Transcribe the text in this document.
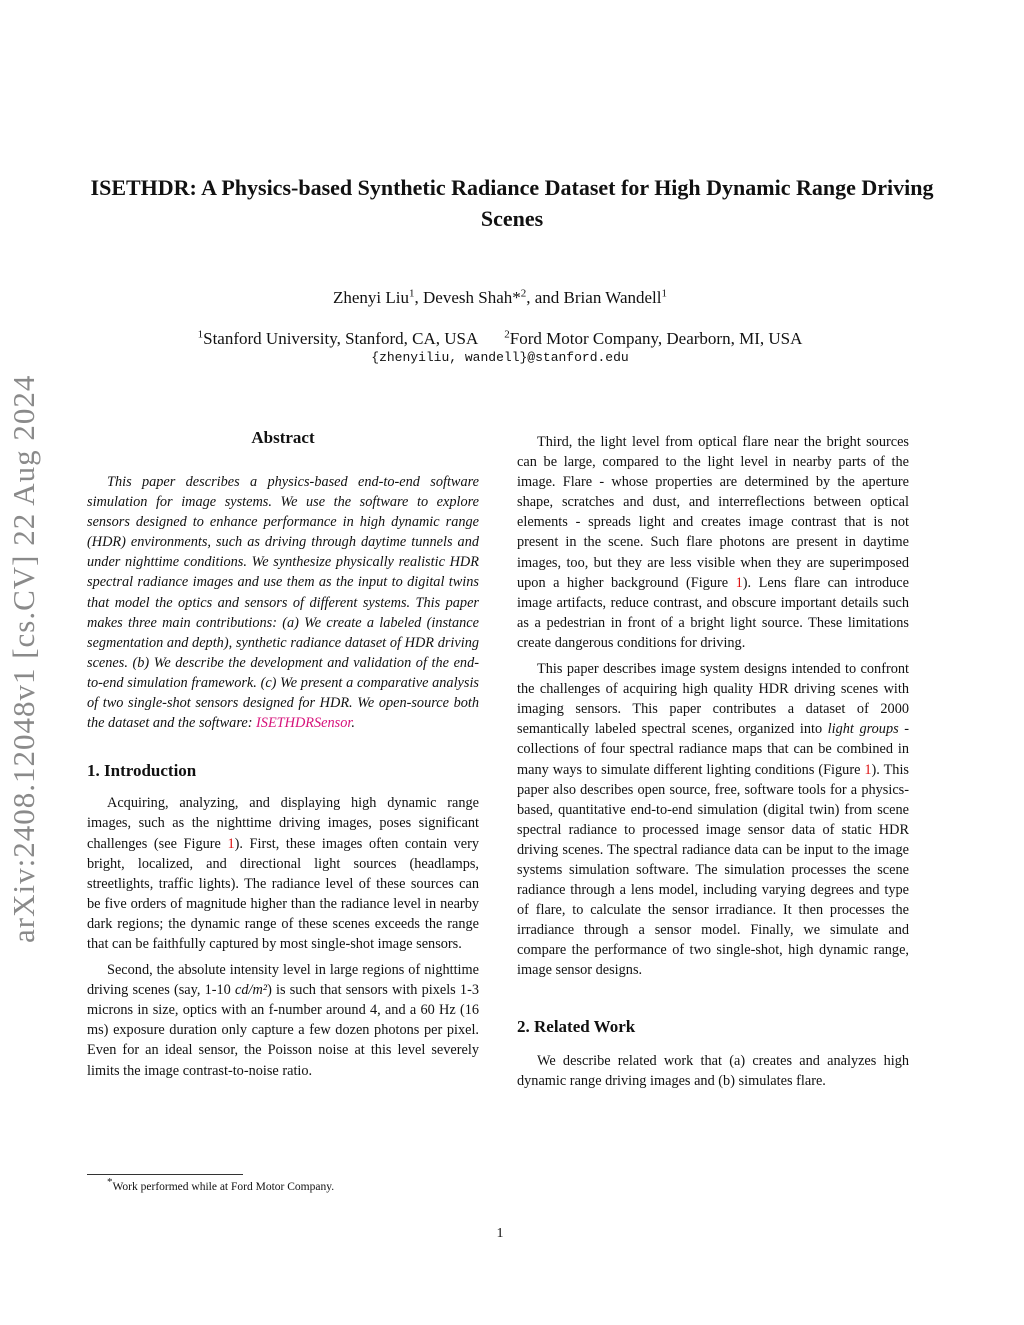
arXiv:2408.12048v1 [cs.CV] 22 Aug 2024
ISETHDR: A Physics-based Synthetic Radiance Dataset for High Dynamic Range Driving Scenes
Zhenyi Liu$^1$, Devesh Shah*$^2$, and Brian Wandell$^1$
$^1$Stanford University, Stanford, CA, USA $^2$Ford Motor Company, Dearborn, MI, USA
{zhenyiliu, wandell}@stanford.edu
Abstract

This paper describes a physics-based end-to-end software simulation for image systems. We use the software to explore sensors designed to enhance performance in high dynamic range (HDR) environments, such as driving through daytime tunnels and under nighttime conditions. We synthesize physically realistic HDR spectral radiance images and use them as the input to digital twins that model the optics and sensors of different systems. This paper makes three main contributions: (a) We create a labeled (instance segmentation and depth), synthetic radiance dataset of HDR driving scenes. (b) We describe the development and validation of the end-to-end simulation framework. (c) We present a comparative analysis of two single-shot sensors designed for HDR. We open-source both the dataset and the software: ISETHDRSensor.

1. Introduction

Acquiring, analyzing, and displaying high dynamic range images, such as the nighttime driving images, poses significant challenges (see Figure 1). First, these images often contain very bright, localized, and directional light sources (headlamps, streetlights, traffic lights). The radiance level of these sources can be five orders of magnitude higher than the radiance level in nearby dark regions; the dynamic range of these scenes exceeds the range that can be faithfully captured by most single-shot image sensors.

Second, the absolute intensity level in large regions of nighttime driving scenes (say, 1-10 cd/m²) is such that sensors with pixels 1-3 microns in size, optics with an f-number around 4, and a 60 Hz (16 ms) exposure duration only capture a few dozen photons per pixel. Even for an ideal sensor, the Poisson noise at this level severely limits the image contrast-to-noise ratio.

Third, the light level from optical flare near the bright sources can be large, compared to the light level in nearby parts of the image. Flare - whose properties are determined by the aperture shape, scratches and dust, and interreflections between optical elements - spreads light and creates image contrast that is not present in the scene. Such flare photons are present in daytime images, too, but they are less visible when they are superimposed upon a higher background (Figure 1). Lens flare can introduce image artifacts, reduce contrast, and obscure important details such as a pedestrian in front of a bright light source. These limitations create dangerous conditions for driving.

This paper describes image system designs intended to confront the challenges of acquiring high quality HDR driving scenes with imaging sensors. This paper contributes a dataset of 2000 semantically labeled spectral scenes, organized into light groups - collections of four spectral radiance maps that can be combined in many ways to simulate different lighting conditions (Figure 1). This paper also describes open source, free, software tools for a physics-based, quantitative end-to-end simulation (digital twin) from scene spectral radiance to processed image sensor data of static HDR driving scenes. The spectral radiance data can be input to the image systems simulation software. The simulation processes the scene radiance through a lens model, including varying degrees and type of flare, to calculate the sensor irradiance. It then processes the irradiance through a sensor model. Finally, we simulate and compare the performance of two single-shot, high dynamic range, image sensor designs.

2. Related Work

We describe related work that (a) creates and analyzes high dynamic range driving images and (b) simulates flare.

*Work performed while at Ford Motor Company.
1
